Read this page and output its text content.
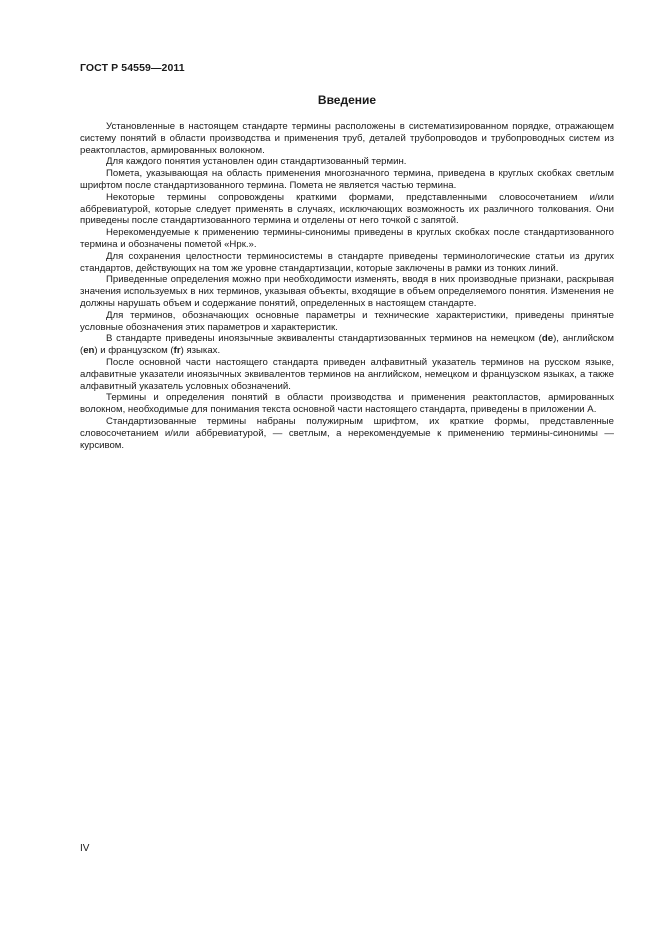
ГОСТ Р 54559—2011
Введение

Установленные в настоящем стандарте термины расположены в систематизированном порядке, отражающем систему понятий в области производства и применения труб, деталей трубопроводов и трубопроводных систем из реактопластов, армированных волокном.

Для каждого понятия установлен один стандартизованный термин.

Помета, указывающая на область применения многозначного термина, приведена в круглых скобках светлым шрифтом после стандартизованного термина. Помета не является частью термина.

Некоторые термины сопровождены краткими формами, представленными словосочетанием и/или аббревиатурой, которые следует применять в случаях, исключающих возможность их различного толкования. Они приведены после стандартизованного термина и отделены от него точкой с запятой.

Нерекомендуемые к применению термины-синонимы приведены в круглых скобках после стандартизованного термина и обозначены пометой «Нрк.».

Для сохранения целостности терминосистемы в стандарте приведены терминологические статьи из других стандартов, действующих на том же уровне стандартизации, которые заключены в рамки из тонких линий.

Приведенные определения можно при необходимости изменять, вводя в них производные признаки, раскрывая значения используемых в них терминов, указывая объекты, входящие в объем определяемого понятия. Изменения не должны нарушать объем и содержание понятий, определенных в настоящем стандарте.

Для терминов, обозначающих основные параметры и технические характеристики, приведены принятые условные обозначения этих параметров и характеристик.

В стандарте приведены иноязычные эквиваленты стандартизованных терминов на немецком (de), английском (en) и французском (fr) языках.

После основной части настоящего стандарта приведен алфавитный указатель терминов на русском языке, алфавитные указатели иноязычных эквивалентов терминов на английском, немецком и французском языках, а также алфавитный указатель условных обозначений.

Термины и определения понятий в области производства и применения реактопластов, армированных волокном, необходимые для понимания текста основной части настоящего стандарта, приведены в приложении А.

Стандартизованные термины набраны полужирным шрифтом, их краткие формы, представленные словосочетанием и/или аббревиатурой, — светлым, а нерекомендуемые к применению термины-синонимы — курсивом.

IV
